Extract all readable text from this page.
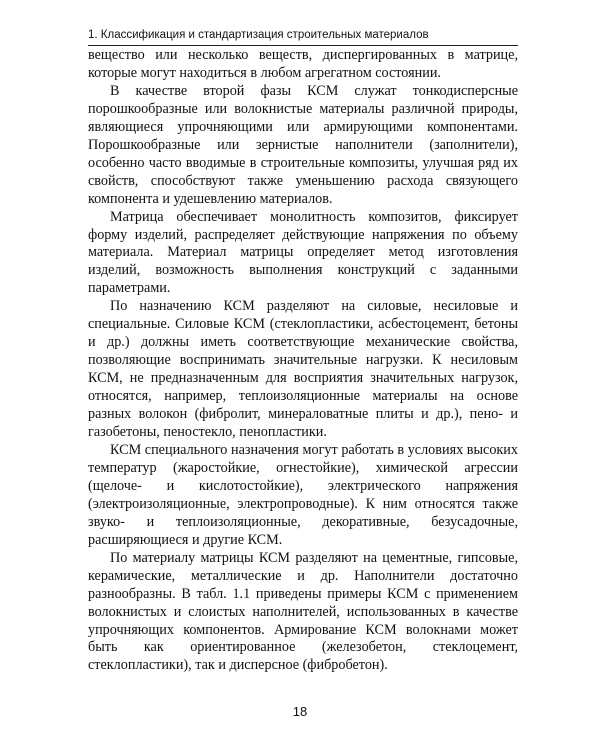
1. Классификация и стандартизация строительных материалов

вещество или несколько веществ, диспергированных в матрице, которые могут находиться в любом агрегатном состоянии.

В качестве второй фазы КСМ служат тонкодисперсные порошкообразные или волокнистые материалы различной природы, являющиеся упрочняющими или армирующими компонентами. Порошкообразные или зернистые наполнители (заполнители), особенно часто вводимые в строительные композиты, улучшая ряд их свойств, способствуют также уменьшению расхода связующего компонента и удешевлению материалов.

Матрица обеспечивает монолитность композитов, фиксирует форму изделий, распределяет действующие напряжения по объему материала. Материал матрицы определяет метод изготовления изделий, возможность выполнения конструкций с заданными параметрами.

По назначению КСМ разделяют на силовые, несиловые и специальные. Силовые КСМ (стеклопластики, асбестоцемент, бетоны и др.) должны иметь соответствующие механические свойства, позволяющие воспринимать значительные нагрузки. К несиловым КСМ, не предназначенным для восприятия значительных нагрузок, относятся, например, теплоизоляционные материалы на основе разных волокон (фибролит, минераловатные плиты и др.), пено- и газобетоны, пеностекло, пенопластики.

КСМ специального назначения могут работать в условиях высоких температур (жаростойкие, огнестойкие), химической агрессии (щелоче- и кислотостойкие), электрического напряжения (электроизоляционные, электропроводные). К ним относятся также звуко- и теплоизоляционные, декоративные, безусадочные, расширяющиеся и другие КСМ.

По материалу матрицы КСМ разделяют на цементные, гипсовые, керамические, металлические и др. Наполнители достаточно разнообразны. В табл. 1.1 приведены примеры КСМ с применением волокнистых и слоистых наполнителей, использованных в качестве упрочняющих компонентов. Армирование КСМ волокнами может быть как ориентированное (железобетон, стеклоцемент, стеклопластики), так и дисперсное (фибробетон).

18
